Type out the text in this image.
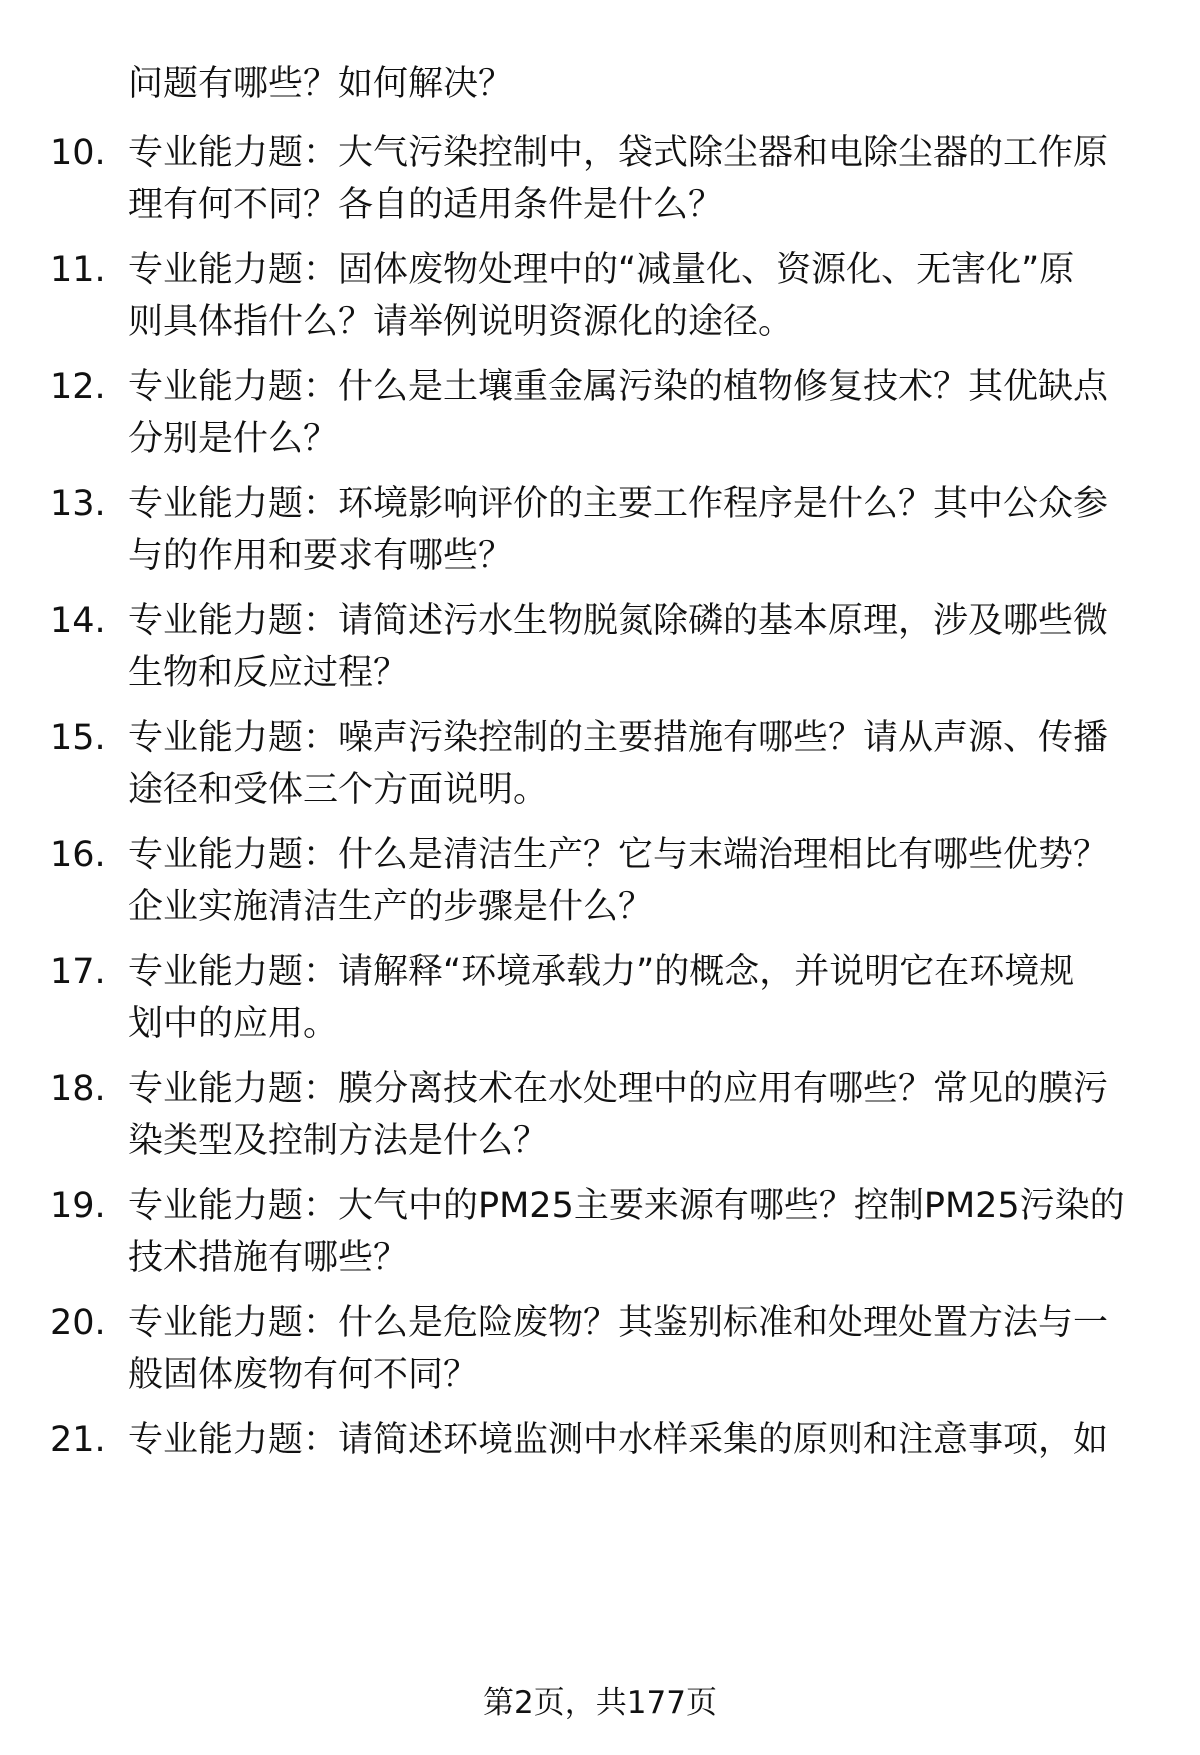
问题有哪些？如何解决？
10. 专业能力题：大气污染控制中，袋式除尘器和电除尘器的工作原
理有何不同？各自的适用条件是什么？
11. 专业能力题：固体废物处理中的“减量化、资源化、无害化”原
则具体指什么？请举例说明资源化的途径。
12. 专业能力题：什么是土壤重金属污染的植物修复技术？其优缺点
分别是什么？
13. 专业能力题：环境影响评价的主要工作程序是什么？其中公众参
与的作用和要求有哪些？
14. 专业能力题：请简述污水生物脱氮除磷的基本原理，涉及哪些微
生物和反应过程？
15. 专业能力题：噪声污染控制的主要措施有哪些？请从声源、传播
途径和受体三个方面说明。
16. 专业能力题：什么是清洁生产？它与末端治理相比有哪些优势？
企业实施清洁生产的步骤是什么？
17. 专业能力题：请解释“环境承载力”的概念，并说明它在环境规
划中的应用。
18. 专业能力题：膜分离技术在水处理中的应用有哪些？常见的膜污
染类型及控制方法是什么？
19. 专业能力题：大气中的PM25主要来源有哪些？控制PM25污染的
技术措施有哪些？
20. 专业能力题：什么是危险废物？其鉴别标准和处理处置方法与一
般固体废物有何不同？
21. 专业能力题：请简述环境监测中水样采集的原则和注意事项，如
第2页，共177页
